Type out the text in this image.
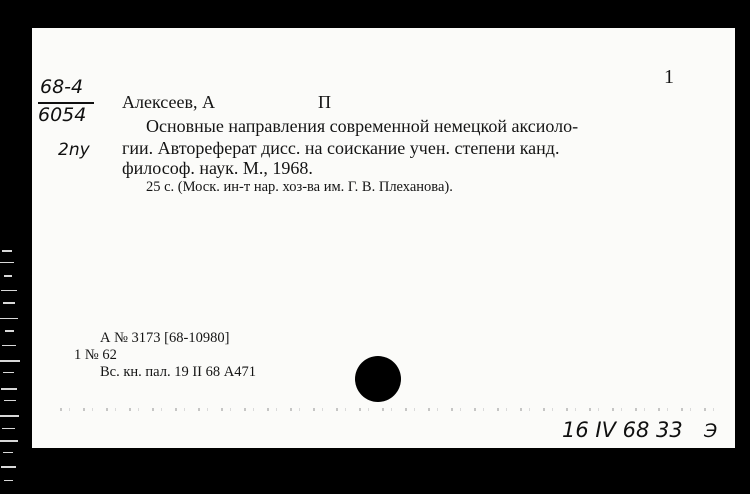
1
68-4
6054
2ny
Алексеев, А	П
Основные направления современной немецкой аксиоло-
гии. Автореферат дисс. на соискание учен. степени канд.
философ. наук. М., 1968.
25 с. (Моск. ин-т нар. хоз-ва им. Г. В. Плеханова).
А № 3173 [68-10980]
1 № 62
Вс. кн. пал. 19 II 68 А471
16 IV 68 33 Э
